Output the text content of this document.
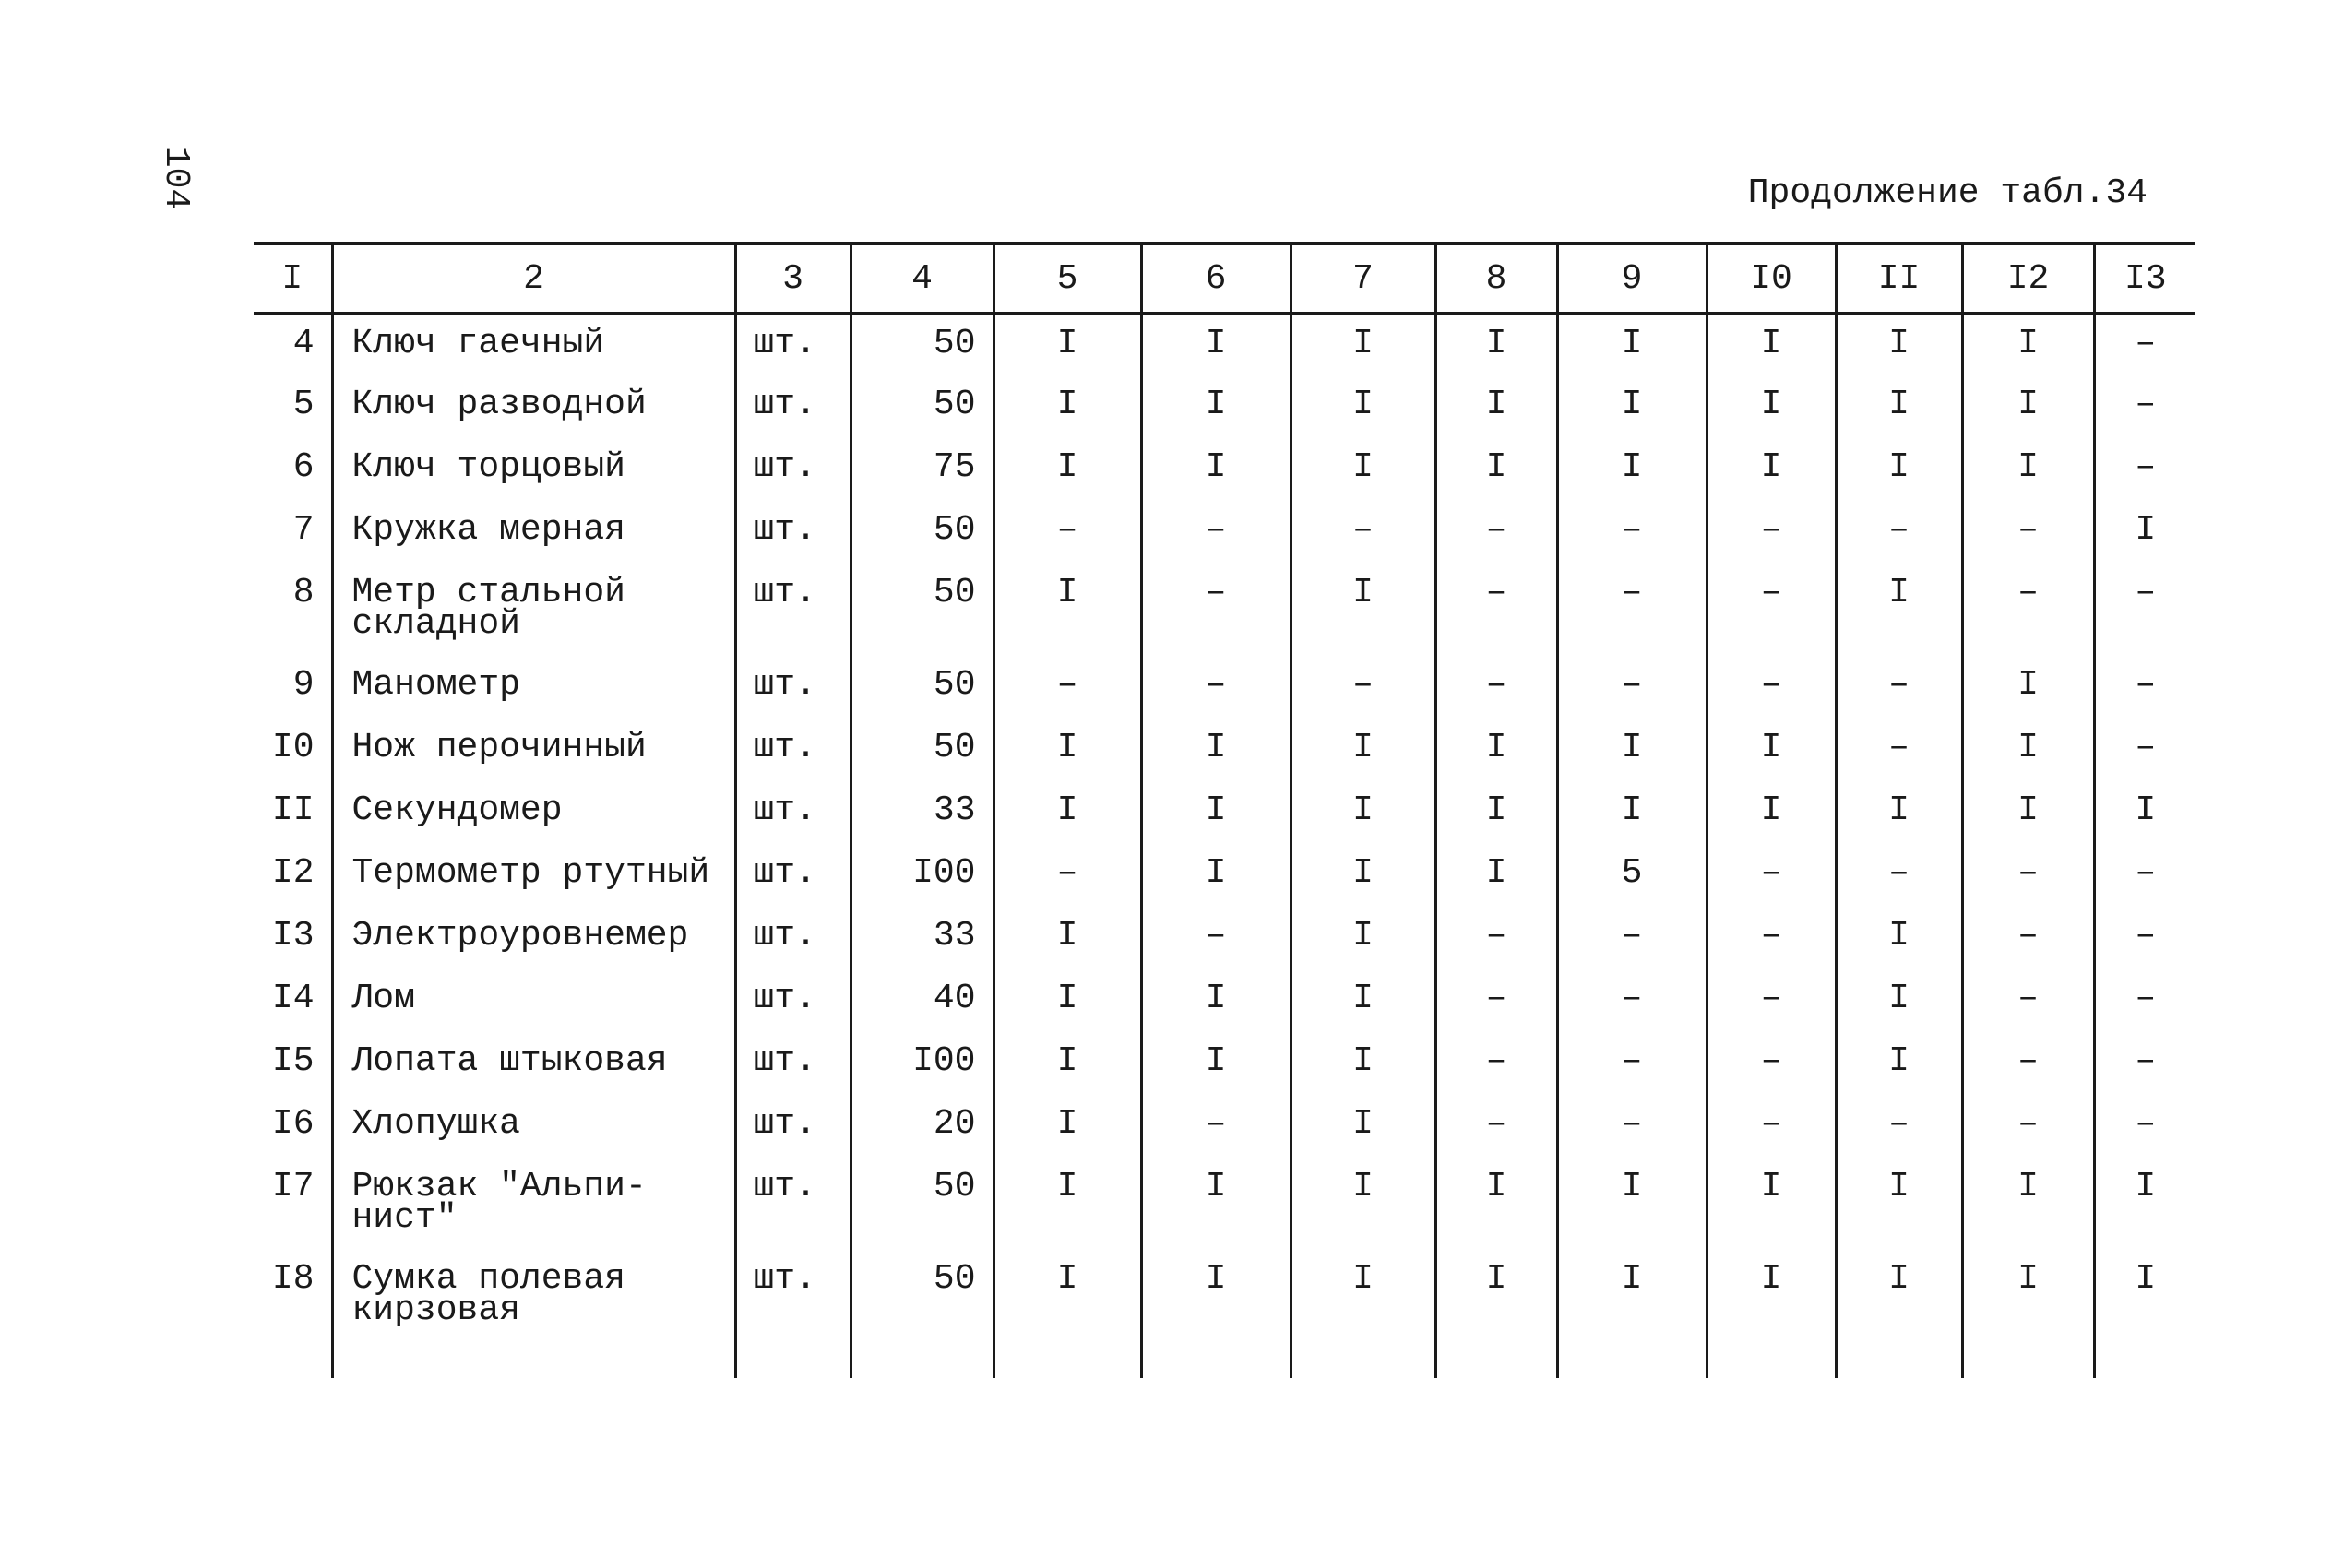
104	Продолжение табл.34
I	2	3	4	5	6	7	8	9	I0	II	I2	I3
4	Ключ гаечный	шт.	50	I	I	I	I	I	I	I	I	–
5	Ключ разводной	шт.	50	I	I	I	I	I	I	I	I	–
6	Ключ торцовый	шт.	75	I	I	I	I	I	I	I	I	–
7	Кружка мерная	шт.	50	–	–	–	–	–	–	–	–	I
8	Метр стальной складной	шт.	50	I	–	I	–	–	–	I	–	–
9	Манометр	шт.	50	–	–	–	–	–	–	–	I	–
I0	Нож перочинный	шт.	50	I	I	I	I	I	I	–	I	–
II	Секундомер	шт.	33	I	I	I	I	I	I	I	I	I
I2	Термометр ртутный	шт.	I00	–	I	I	I	5	–	–	–	–
I3	Электроуровнемер	шт.	33	I	–	I	–	–	–	I	–	–
I4	Лом	шт.	40	I	I	I	–	–	–	I	–	–
I5	Лопата штыковая	шт.	I00	I	I	I	–	–	–	I	–	–
I6	Хлопушка	шт.	20	I	–	I	–	–	–	–	–	–
I7	Рюкзак "Альпи-нист"	шт.	50	I	I	I	I	I	I	I	I	I
I8	Сумка полевая кирзовая	шт.	50	I	I	I	I	I	I	I	I	I
